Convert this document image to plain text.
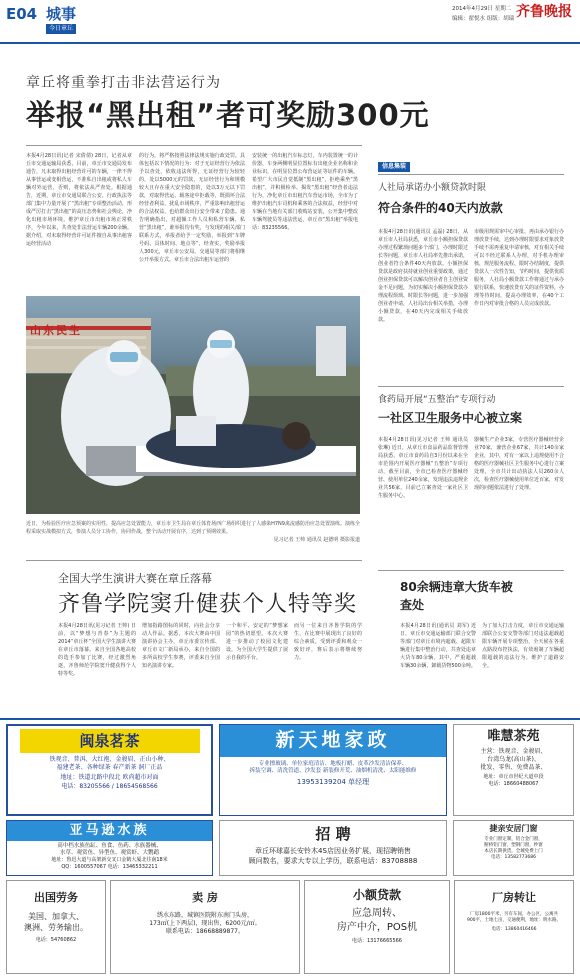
E04 城事
今日章丘
2014年4月29日 星期二
编辑：翟悦水 组版：胡瑞 齐鲁晚报
章丘将重拳打击非法营运行为
举报“黑出租”者可奖励300元
本报4月28日讯(记者 宋倩倩) 28日，记者从章丘市交通运输局获悉，目前，章丘市交通局发布通告，凡未取得出租经营许可的车辆，一律不得从事营运或变相营运，不准私自出租或将私人车辆对外运营，否则，将依法从严查处。根据通告，近期，章丘市交通局联合公安、行政执法等部门集中力量开展了“黑出租”专项整治活动，形成严厉打击“黑出租”的高压态势和社会舆论，净化出租市场环境，维护章丘市出租市场正常秩序，今年以来，共查处非法营运车辆200余辆。据介绍，对未取得经营许可证件擅自从事出租客运经营活动
的行为，将严格按照法律法规实施行政处罚。具体包括以下情况的行为：对于无证经营行为依法予以查处，依收违法所得，无证经营行为较轻的，处以5000元的罚款，无证经营行为和规模较大且存在重大安全隐患的，处以3万元以下罚款，对取得营运、载客途中拒载等，既损坏合法经营者利益，扰乱市场秩序，严重影响出租营运的合法权益，也给群众出行安全带来了隐患。通告明确指出，对超额工作人员和私营车辆、私营“黑出租”，谁举报均有奖，与发现的相关部门联系方式，举报者给予一定奖励，举报到“车牌号码、具体时间、地点等”，经查实，奖励举报人300元，章丘市公安局、交通局等部门将相继公开举报方式。章丘市合法出租车运营的
安装统一的出租汽车标志灯，车内装置统一的计价器，车身两侧明显位置标有出租企业名称和企业标识，在明显位置公布营运证等证件的车辆。希望广大市民自觉抵制“黑出租”，拒绝乘坐“黑出租”，并积极检举、揭发“黑出租”经营者违法行为，净化章丘市出租汽车营运市场，全市为了维护出租汽车司机和乘客的合法权益，经营中对车辆在当地有关部门收购站安装，公开集中整改车辆驾驶员等违法营运，章丘市“黑出租”举报电话：83235566。
山东民生
近日，为检验医疗应急预案的实用性，提高应急处置能力，章丘市卫生局在章丘体育场西广场组织进行了人感染H7N9禽流感防治应急处置演练。演练全程采取实战模拟方式，参演人员分工协作，协同作战，整个活动开展有序，达到了预期效果。
见习记者 王帅 通讯员 赵德明 摄影报道
全国大学生演讲大赛在章丘落幕
齐鲁学院窦升健获个人特等奖
本报4月28日讯(见习记者 王帅) 日前，以“梦想与青春”为主题的2014“章丘杯”全国大学生演讲大赛在章丘市落幕。来自全国各地高校的选手参加了比赛，经过激烈角逐，齐鲁师范学院窦升健获得个人特等奖。
增加指路图标的同时，向社会分享动人作品。据悉，本次大赛由中国演讲协会主办，章丘市委宣传部、章丘市文广新局承办，来自全国的多所高校学生参赛，评委来自全国知名演讲专家。
一个和平、安定的“梦想家园”的热切愿望。本次大赛进一步推动了校园文化建设，为全国大学生提供了展示自我的平台。
而另一位来自齐鲁学院的学生，在比赛中展现出了良好的综合素质，受到评委和观众一致好评，赛后表示将继续努力。
信息集装
人社局承诺办小额贷款时限
符合条件的40天内放款
本报4月28日讯(通讯员 孟磊) 28日，从章丘市人社局获悉，章丘市小额担保贷款办理过程繁琐问题多个部门，办理时限过长等问题，章丘市人社局率先推出承诺，创业者符合条件40天内放款。小额担保贷款是政府扶持就业创业重要政策，通过创业担保贷款可以解决创业者自主创业资金不足问题，为切实解决小额担保贷款办理流程烦琐、时限长等问题，进一步加强创业者申请，人社局出台相关举措，办理小额贷款，在40天内完成相关手续放款。
市级用规需审中心审批、再由承办银行办理放贷手续，达到办理时限要求对象放贷手续不需再重复申请审核，对有相关手续可以不经过联系人办理，对手机办理审核，规范服务流程、限时办结制度，提供贷款人一次性告知，节约时间，提供优质服务，人社局小额贷款工作将通过与承办银行联系，快速放贷有关的证件资料，办理等待时间，提高办理效率，在40个工作日内对审批合格的人员完成放款。
食药局开展“五整治”专项行动
一社区卫生服务中心被立案
本报4月28日讯(见习记者 王帅 通讯员 张琳) 近日，从章丘市食品药品监督管理局获悉，章丘市食药局自3月份以来在全市范围内开展医疗器械“五整治”专项行动，截至目前，全市已检查医疗器械经营、使用单位240余家，发现违法违规企业共56家，目前已立案查处一家社区卫生服务中心。
器械生产企业3家，专营医疗器械经营企业70家，兼营企业67家，共计140余家企业，其中，对有一家以上违规使用不合格的医疗器械社区卫生服务中心进行立案处理，全市共计出动执法人员260余人次，检查医疗器械使用单位近百家，对发现的问题依法进行了处理。
80余辆违章大货车被查处
本报4月28日讯(通讯员 刘军) 近日，章丘市交通运输部门联合交警等部门对章丘市境内超载、超限车辆进行集中整治行动，共查处违章大货车80余辆，其中，严重超载车辆30余辆，卸载货物500余吨。
为了加大打击力度，章丘市交通运输部联合公安交警等部门对违法超载超限车辆开展专项整治，全天候在各重点路段布控执法，有效遏制了车辆超限超载的违法行为，维护了道路安全。
闽泉茗茶
铁观音、普洱、大红袍、金骏眉、正山小种、
福建老茶、各种绿茶 春产新茶 洞厂正品
地址：铁道北路中段北 欧尚超市对面
电话：83205566 / 18654568566
新天地家政
专业擦玻璃、单位家庭清洁、地板打蜡、皮革沙发清洁保养、
拆装空调、清洗管道、沙发套 新装修开荒、油烟机清洗、太阳能维修
13953139204 单经理
唯慧茶苑
主营：铁观音、金骏眉、
台湾乌龙(高山茶)、
批发、零售、免费品茶、
地址：章丘市世纪大道中段
电话：18660488067
亚马逊水族
高中档水族鱼缸、鱼食、鱼药、水族器械、
水草、观赏鱼、异型鱼、观赏虾、大鹦鹉
地址：鲁迅大道与高架新交叉口金鹤大厦北往南18米
QQ：1600557067 电话：13465332211
招 聘
章丘环球嘉长安铃木4S店因业务扩展，现招聘销售
顾问数名，要求大专以上学历，联系电话：83708888
捷亲安居门窗
专业门窗定制，铝合金门窗，
断桥铝门窗，塑钢门窗，纱窗
本店长期供货，全城免费上门
电话：13582773686
出国劳务
美国、加拿大、
澳洲、劳务输出。
电话：54760862
卖 房
绣水东路，城镇医院附东南门头房，
173㎡(上下两层)，现出售，6200元/㎡。
联系电话：18668889877。
小额贷款
应急周转、
房产中介，POS机
电话：13176665566
厂房转让
厂房1800平米，另有车间，办公区，公寓共
900平，土地七亩，交通便利，地址：明水路。
电话：13860416466
